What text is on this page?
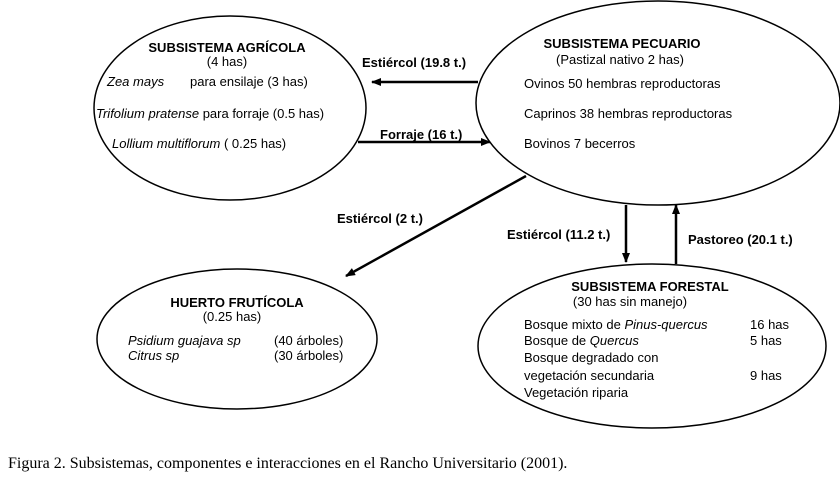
Estiércol (19.8 t.)
Forraje (16 t.)
Estiércol (2 t.)
Estiércol (11.2 t.)	Pastoreo (20.1 t.)
SUBSISTEMA AGRÍCOLA
(4 has)
Zea mays para ensilaje (3 has)
Trifolium pratense para forraje (0.5 has)
Lollium multiflorum ( 0.25 has)
SUBSISTEMA PECUARIO
(Pastizal nativo 2 has)
Ovinos 50 hembras reproductoras
Caprinos 38 hembras reproductoras
Bovinos 7 becerros
HUERTO FRUTÍCOLA
(0.25 has)
Psidium guajava sp	(40 árboles)
Citrus sp	(30 árboles)
SUBSISTEMA FORESTAL
(30 has sin manejo)
Bosque mixto de Pinus-quercus	16 has
Bosque de Quercus	5 has
Bosque degradado con
vegetación secundaria	9 has
Vegetación riparia
Figura 2. Subsistemas, componentes e interacciones en el Rancho Universitario (2001).
